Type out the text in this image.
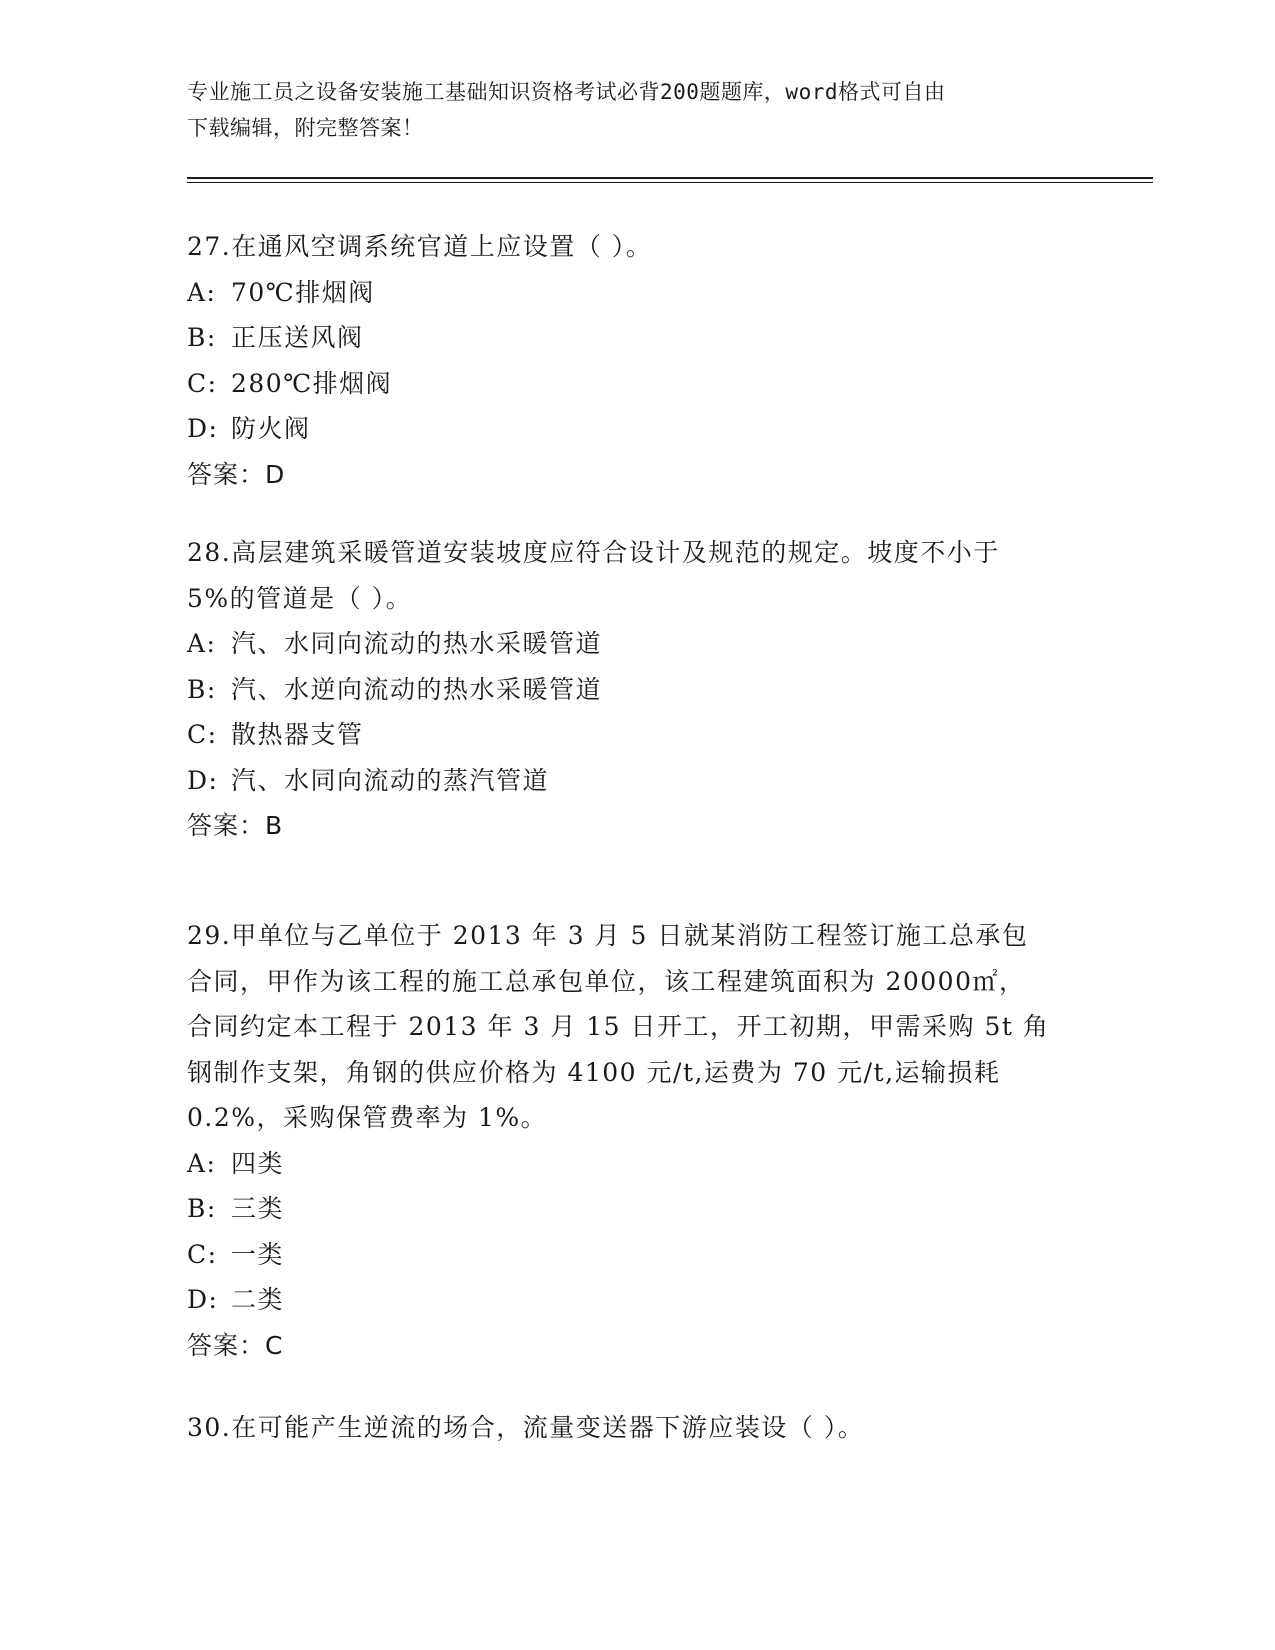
专业施工员之设备安装施工基础知识资格考试必背200题题库，word格式可自由
下载编辑，附完整答案！
27.在通风空调系统官道上应设置（ ）。
A: 70℃排烟阀
B: 正压送风阀
C: 280℃排烟阀
D: 防火阀
答案：D
28.高层建筑采暖管道安装坡度应符合设计及规范的规定。坡度不小于
5%的管道是（ ）。
A: 汽、水同向流动的热水采暖管道
B: 汽、水逆向流动的热水采暖管道
C: 散热器支管
D: 汽、水同向流动的蒸汽管道
答案：B
29.甲单位与乙单位于 2013 年 3 月 5 日就某消防工程签订施工总承包
合同，甲作为该工程的施工总承包单位，该工程建筑面积为 20000㎡，
合同约定本工程于 2013 年 3 月 15 日开工，开工初期，甲需采购 5t 角
钢制作支架，角钢的供应价格为 4100 元/t,运费为 70 元/t,运输损耗
0.2%，采购保管费率为 1%。
A: 四类
B: 三类
C: 一类
D: 二类
答案：C
30.在可能产生逆流的场合，流量变送器下游应装设（ ）。
